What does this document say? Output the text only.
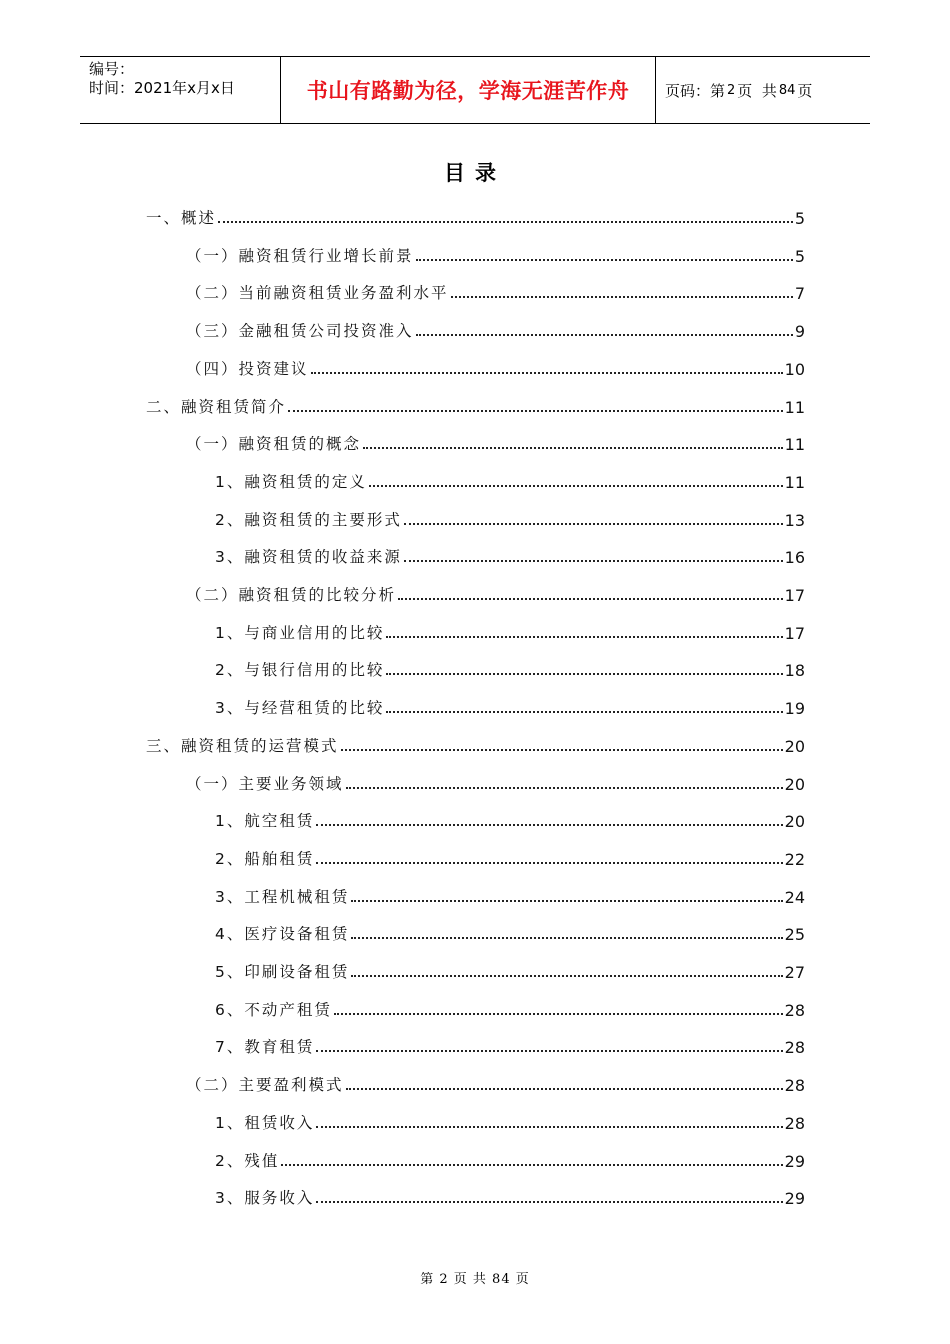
编号：
时间：2021年x月x日	书山有路勤为径，学海无涯苦作舟	页码：第 2 页  共 84 页
目录
一、概述	5
（一）融资租赁行业增长前景	5
（二）当前融资租赁业务盈利水平	7
（三）金融租赁公司投资准入	9
（四）投资建议	10
二、融资租赁简介	11
（一）融资租赁的概念	11
1、融资租赁的定义	11
2、融资租赁的主要形式	13
3、融资租赁的收益来源	16
（二）融资租赁的比较分析	17
1、与商业信用的比较	17
2、与银行信用的比较	18
3、与经营租赁的比较	19
三、融资租赁的运营模式	20
（一）主要业务领域	20
1、航空租赁	20
2、船舶租赁	22
3、工程机械租赁	24
4、医疗设备租赁	25
5、印刷设备租赁	27
6、不动产租赁	28
7、教育租赁	28
（二）主要盈利模式	28
1、租赁收入	28
2、残值	29
3、服务收入	29
第 2 页 共 84 页
